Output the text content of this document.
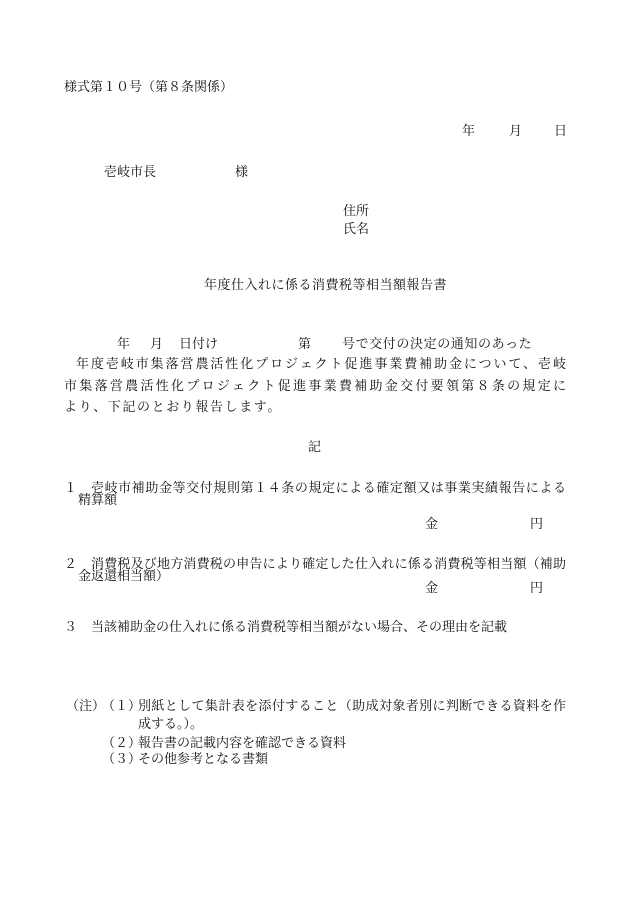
様式第１０号（第８条関係）
年	月 日
壱岐市長	様
住所
氏名
年度仕入れに係る消費税等相当額報告書
年 月 日付け	第 号で交付の決定の通知のあった
年度壱岐市集落営農活性化プロジェクト促進事業費補助金について、壱岐
市集落営農活性化プロジェクト促進事業費補助金交付要領第８条の規定に
より、下記のとおり報告します。
記
１ 壱岐市補助金等交付規則第１４条の規定による確定額又は事業実績報告による
精算額
金	円
２ 消費税及び地方消費税の申告により確定した仕入れに係る消費税等相当額（補助
金返還相当額）
金	円
３ 当該補助金の仕入れに係る消費税等相当額がない場合、その理由を記載
（注）
（１）
別紙として集計表を添付すること（助成対象者別に判断できる資料を作
成する。）。
（２）
報告書の記載内容を確認できる資料
（３）
その他参考となる書類
